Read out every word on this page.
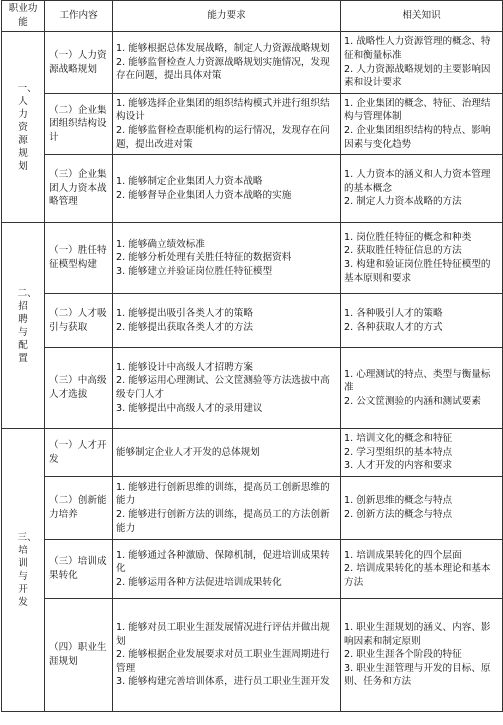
职业功能	工作内容	能力要求	相关知识

一、人力资源规划	（一）人力资源战略规划	1. 能够根据总体发展战略，制定人力资源战略规划
2. 能够监督检查人力资源战略规划实施情况，发现存在问题，提出具体对策	1. 战略性人力资源管理的概念、特征和衡量标准
2. 人力资源战略规划的主要影响因素和设计要求

	（二）企业集团组织结构设计	1. 能够选择企业集团的组织结构模式并进行组织结构设计
2. 能够监督检查职能机构的运行情况，发现存在问题，提出改进对策	1. 企业集团的概念、特征、治理结构与管理体制
2. 企业集团组织结构的特点、影响因素与变化趋势

	（三）企业集团人力资本战略管理	1. 能够制定企业集团人力资本战略
2. 能够督导企业集团人力资本战略的实施	1. 人力资本的涵义和人力资本管理的基本概念
2. 制定人力资本战略的方法

二、招聘与配置	（一）胜任特征模型构建	1. 能够确立绩效标准
2. 能够分析处理有关胜任特征的数据资料
3. 能够建立并验证岗位胜任特征模型	1. 岗位胜任特征的概念和种类
2. 获取胜任特征信息的方法
3. 构建和验证岗位胜任特征模型的基本原则和要求

	（二）人才吸引与获取	1. 能够提出吸引各类人才的策略
2. 能够提出获取各类人才的方法	1. 各种吸引人才的策略
2. 各种获取人才的方式

	（三）中高级人才选拔	1. 能够设计中高级人才招聘方案
2. 能够运用心理测试、公文筐测验等方法选拔中高级专门人才
3. 能够提出中高级人才的录用建议	1. 心理测试的特点、类型与衡量标准
2. 公文筐测验的内涵和测试要素

三、培训与开发	（一）人才开发	能够制定企业人才开发的总体规划	1. 培训文化的概念和特征
2. 学习型组织的基本特点
3. 人才开发的内容和要求

	（二）创新能力培养	1. 能够进行创新思维的训练，提高员工创新思维的能力
2. 能够进行创新方法的训练，提高员工的方法创新能力	1. 创新思维的概念与特点
2. 创新方法的概念与特点

	（三）培训成果转化	1. 能够通过各种激励、保障机制，促进培训成果转化
2. 能够运用各种方法促进培训成果转化	1. 培训成果转化的四个层面
2. 培训成果转化的基本理论和基本方法

	（四）职业生涯规划	1. 能够对员工职业生涯发展情况进行评估并做出规划
2. 能够根据企业发展要求对员工职业生涯周期进行管理
3. 能够构建完善培训体系，进行员工职业生涯开发	1. 职业生涯规划的涵义、内容、影响因素和制定原则
2. 职业生涯各个阶段的特征
3. 职业生涯管理与开发的目标、原则、任务和方法
